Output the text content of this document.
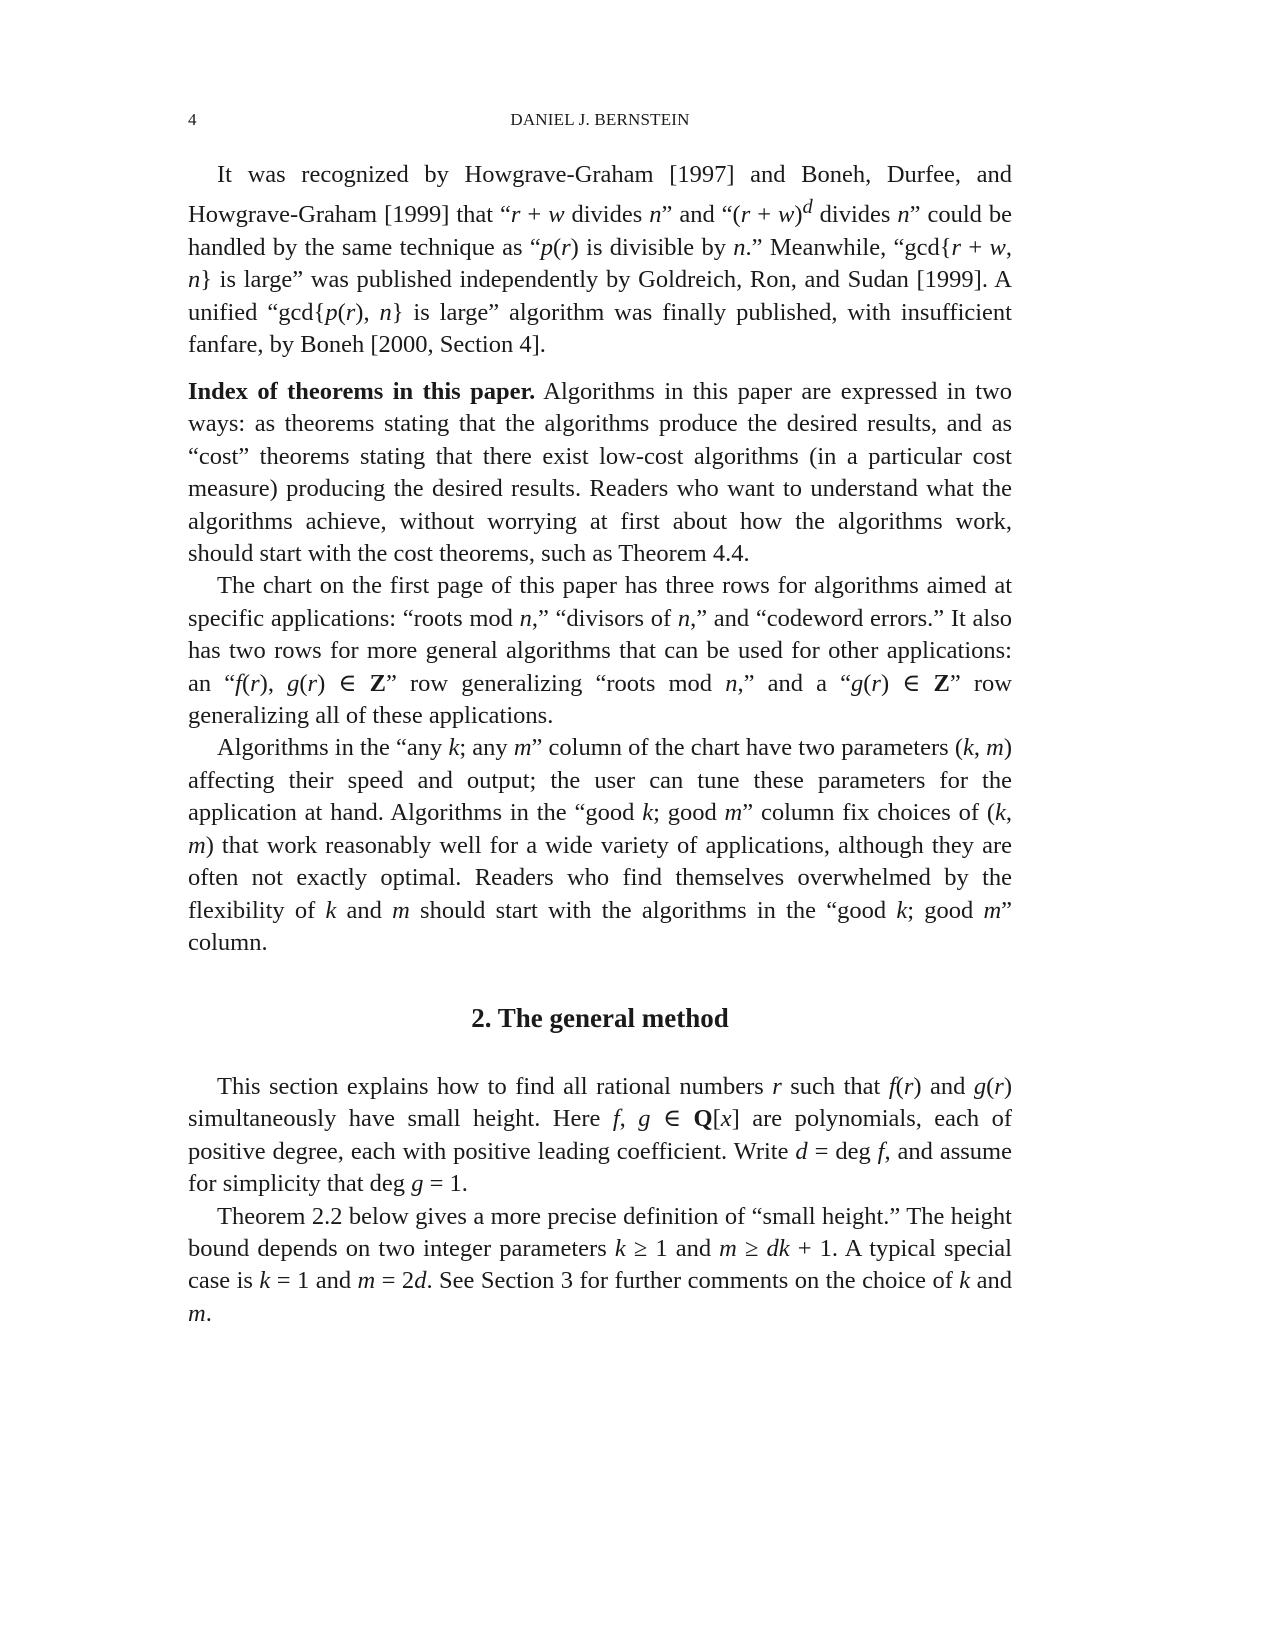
4	DANIEL J. BERNSTEIN

It was recognized by Howgrave-Graham [1997] and Boneh, Durfee, and Howgrave-Graham [1999] that “r + w divides n” and “$(r + w)^d$ divides n” could be handled by the same technique as “p(r) is divisible by n.” Meanwhile, “gcd{r + w, n} is large” was published independently by Goldreich, Ron, and Sudan [1999]. A unified “gcd{p(r), n} is large” algorithm was finally published, with insufficient fanfare, by Boneh [2000, Section 4].

Index of theorems in this paper. Algorithms in this paper are expressed in two ways: as theorems stating that the algorithms produce the desired results, and as “cost” theorems stating that there exist low-cost algorithms (in a particular cost measure) producing the desired results. Readers who want to understand what the algorithms achieve, without worrying at first about how the algorithms work, should start with the cost theorems, such as Theorem 4.4.

The chart on the first page of this paper has three rows for algorithms aimed at specific applications: “roots mod n,” “divisors of n,” and “codeword errors.” It also has two rows for more general algorithms that can be used for other applications: an “f(r), g(r) ∈ Z” row generalizing “roots mod n,” and a “g(r) ∈ Z” row generalizing all of these applications.

Algorithms in the “any k; any m” column of the chart have two parameters (k, m) affecting their speed and output; the user can tune these parameters for the application at hand. Algorithms in the “good k; good m” column fix choices of (k, m) that work reasonably well for a wide variety of applications, although they are often not exactly optimal. Readers who find themselves overwhelmed by the flexibility of k and m should start with the algorithms in the “good k; good m” column.

2. The general method

This section explains how to find all rational numbers r such that f(r) and g(r) simultaneously have small height. Here f, g ∈ Q[x] are polynomials, each of positive degree, each with positive leading coefficient. Write d = deg f, and assume for simplicity that deg g = 1.

Theorem 2.2 below gives a more precise definition of “small height.” The height bound depends on two integer parameters k ≥ 1 and m ≥ dk + 1. A typical special case is k = 1 and m = 2d. See Section 3 for further comments on the choice of k and m.
